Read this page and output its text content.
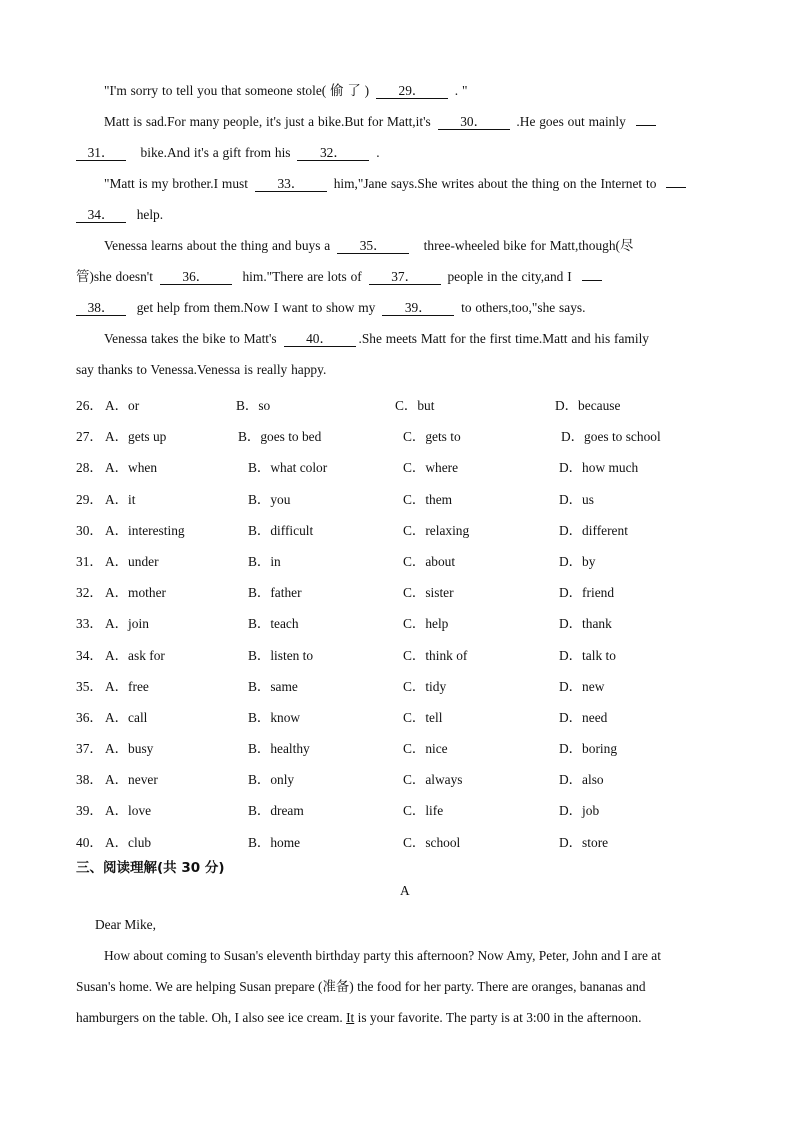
"I'm sorry to tell you that someone stole( 偷 了 ) 29． . "
Matt is sad.For many people, it's just a bike.But for Matt,it's 30． .He goes out mainly
31． bike.And it's a gift from his 32． .
"Matt is my brother.I must 33． him,"Jane says.She writes about the thing on the Internet to
34． help.
Venessa learns about the thing and buys a 35．	three-wheeled bike for Matt,though(尽
管)she doesn't 36． him."There are lots of 37． people in the city,and I
38． get help from them.Now I want to show my 39． to others,too,"she says.
Venessa takes the bike to Matt's 40． .She meets Matt for the first time.Matt and his family
say thanks to Venessa.Venessa is really happy.
26． A．or	B．so	C．but	D．because
27． A．gets up	B．goes to bed	C．gets to	D．goes to school
28． A．when	B．what color	C．where	D．how much
29． A．it	B．you	C．them	D．us
30． A．interesting	B．difficult	C．relaxing	D．different
31． A．under	B．in	C．about	D．by
32． A．mother	B．father	C．sister	D．friend
33． A．join	B．teach	C．help	D．thank
34． A．ask for	B．listen to	C．think of	D．talk to
35． A．free	B．same	C．tidy	D．new
36． A．call	B．know	C．tell	D．need
37． A．busy	B．healthy	C．nice	D．boring
38． A．never	B．only	C．always	D．also
39． A．love	B．dream	C．life	D．job
40． A．club	B．home	C．school	D．store
三、阅读理解(共 30 分)
A
Dear Mike,
How about coming to Susan's eleventh birthday party this afternoon? Now Amy, Peter, John and I are at
Susan's home. We are helping Susan prepare (准备) the food for her party. There are oranges, bananas and
hamburgers on the table. Oh, I also see ice cream. It is your favorite. The party is at 3:00 in the afternoon.
